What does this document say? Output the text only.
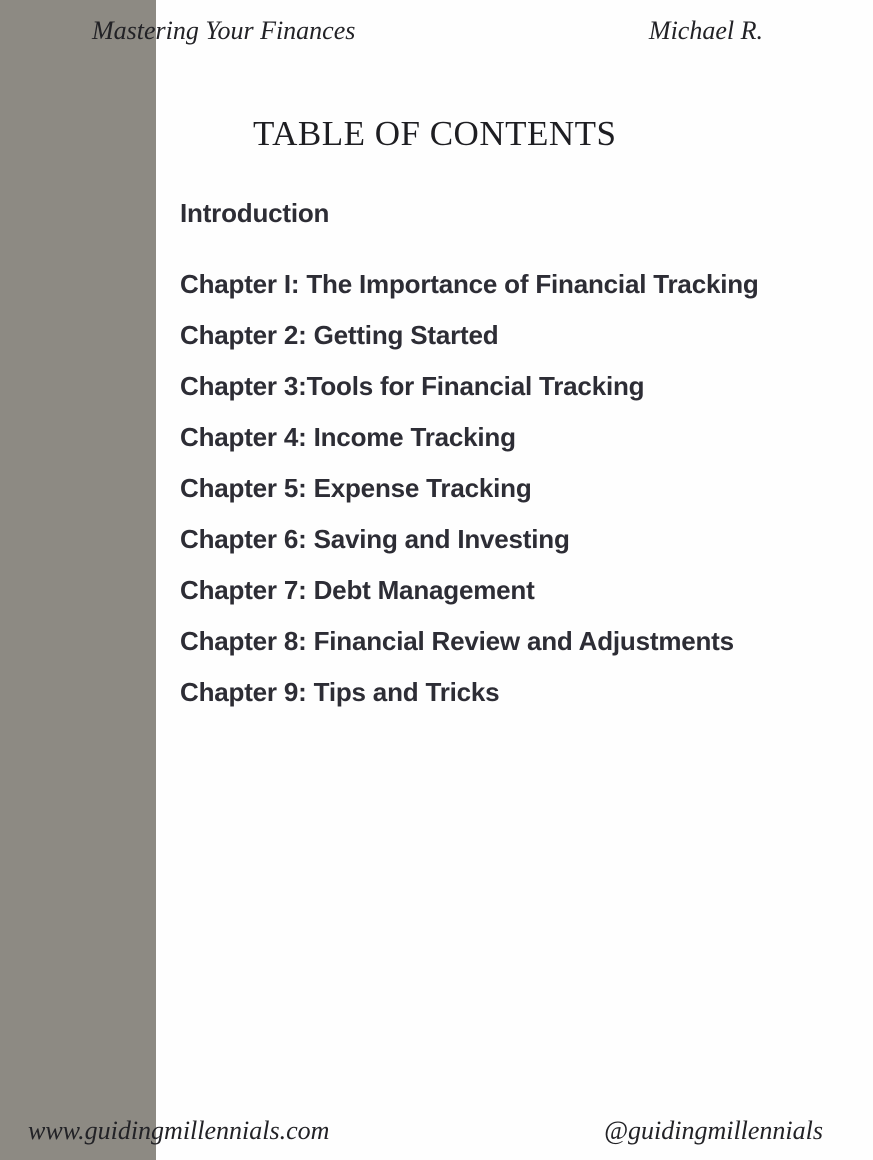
Mastering Your Finances	Michael R.
TABLE OF CONTENTS
Introduction
Chapter I: The Importance of Financial Tracking
Chapter 2: Getting Started
Chapter 3:Tools for Financial Tracking
Chapter 4: Income Tracking
Chapter 5: Expense Tracking
Chapter 6: Saving and Investing
Chapter 7: Debt Management
Chapter 8: Financial Review and Adjustments
Chapter 9: Tips and Tricks
www.guidingmillennials.com	@guidingmillennials
